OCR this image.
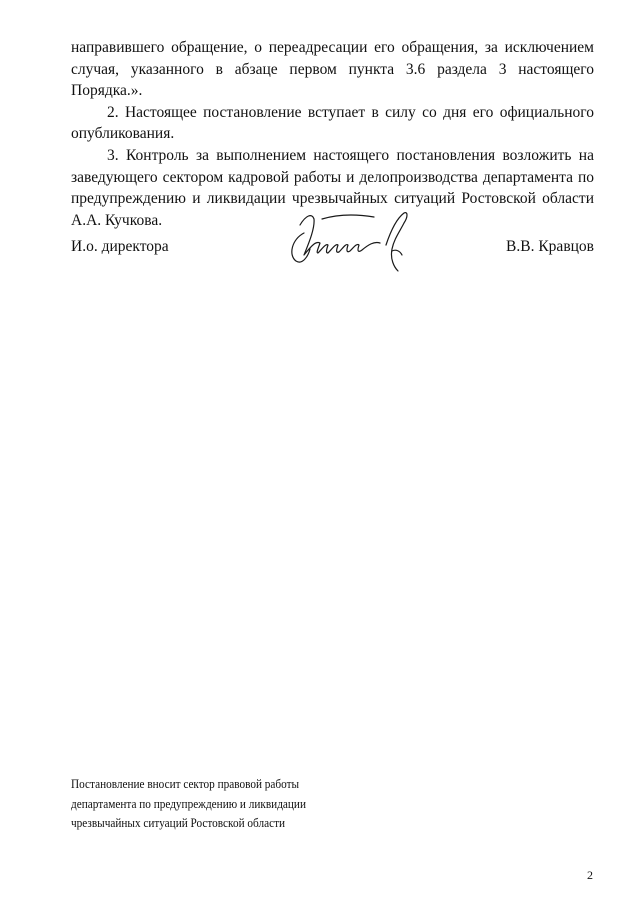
направившего обращение, о переадресации его обращения, за исключением случая, указанного в абзаце первом пункта 3.6 раздела 3 настоящего Порядка.».

2. Настоящее постановление вступает в силу со дня его официального опубликования.

3. Контроль за выполнением настоящего постановления возложить на заведующего сектором кадровой работы и делопроизводства департамента по предупреждению и ликвидации чрезвычайных ситуаций Ростовской области А.А. Кучкова.

И.о. директора	В.В. Кравцов
Постановление вносит сектор правовой работы
департамента по предупреждению и ликвидации
чрезвычайных ситуаций Ростовской области
2
